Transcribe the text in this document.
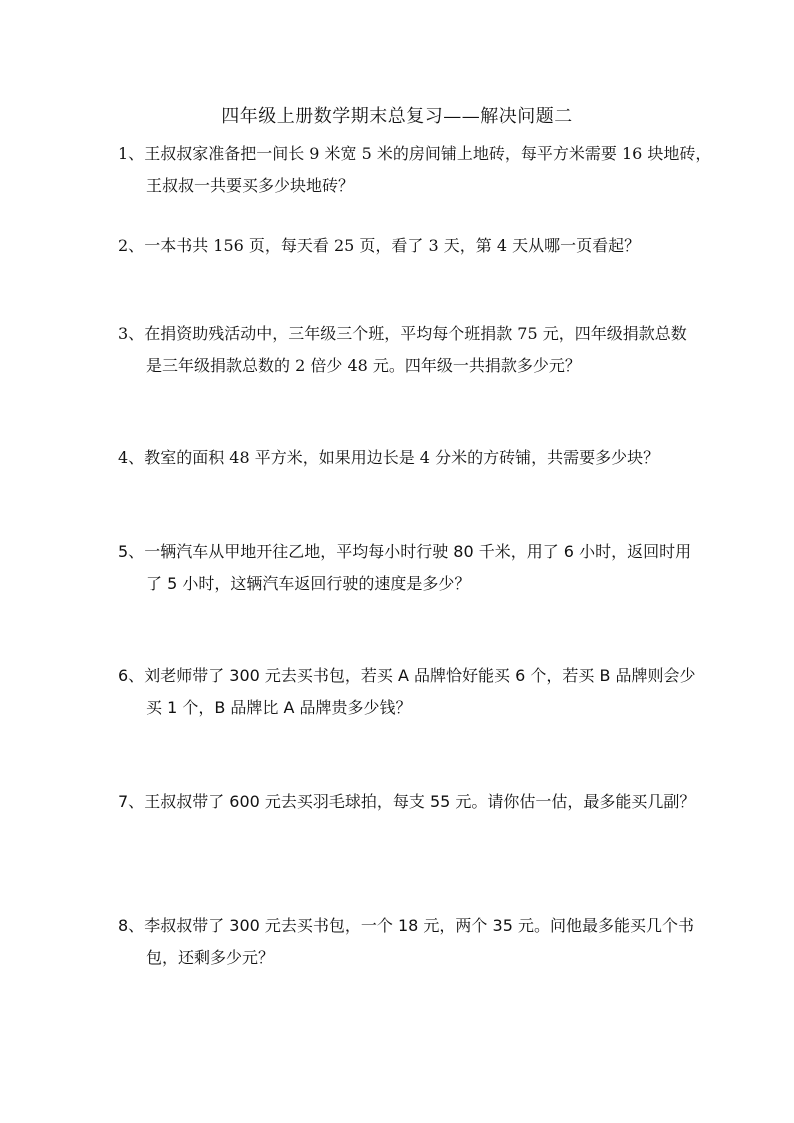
四年级上册数学期末总复习——解决问题二
1、王叔叔家准备把一间长 9 米宽 5 米的房间铺上地砖，每平方米需要 16 块地砖，
王叔叔一共要买多少块地砖？
2、一本书共 156 页，每天看 25 页，看了 3 天，第 4 天从哪一页看起？
3、在捐资助残活动中，三年级三个班，平均每个班捐款 75 元，四年级捐款总数
是三年级捐款总数的 2 倍少 48 元。四年级一共捐款多少元？
4、教室的面积 48 平方米，如果用边长是 4 分米的方砖铺，共需要多少块？
5、一辆汽车从甲地开往乙地，平均每小时行驶 80 千米，用了 6 小时，返回时用
了 5 小时，这辆汽车返回行驶的速度是多少？
6、刘老师带了 300 元去买书包，若买 A 品牌恰好能买 6 个，若买 B 品牌则会少
买 1 个，B 品牌比 A 品牌贵多少钱？
7、王叔叔带了 600 元去买羽毛球拍，每支 55 元。请你估一估，最多能买几副？
8、李叔叔带了 300 元去买书包，一个 18 元，两个 35 元。问他最多能买几个书
包，还剩多少元？
